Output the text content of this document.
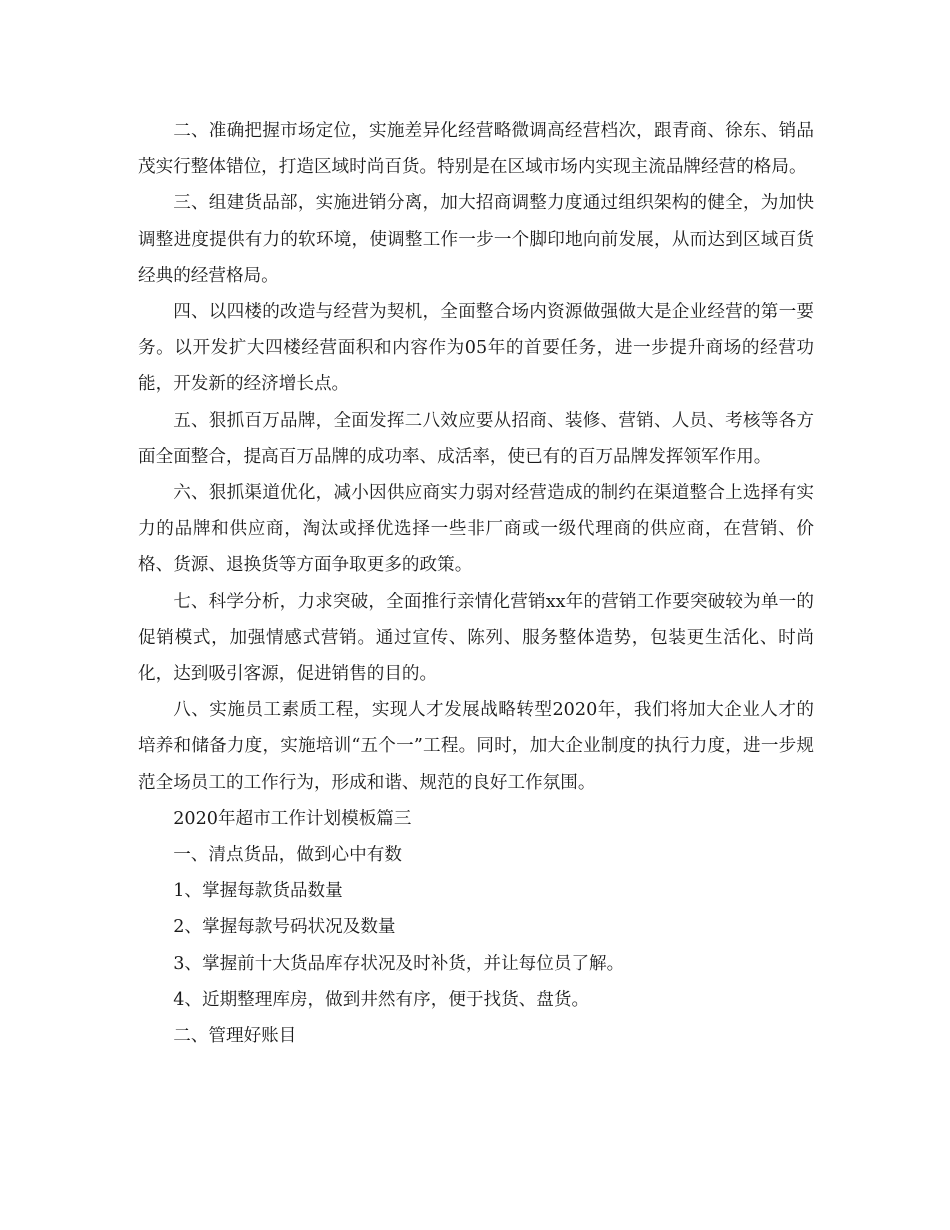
二、准确把握市场定位，实施差异化经营略微调高经营档次，跟青商、徐东、销品茂实行整体错位，打造区域时尚百货。特别是在区域市场内实现主流品牌经营的格局。

三、组建货品部，实施进销分离，加大招商调整力度通过组织架构的健全，为加快调整进度提供有力的软环境，使调整工作一步一个脚印地向前发展，从而达到区域百货经典的经营格局。

四、以四楼的改造与经营为契机，全面整合场内资源做强做大是企业经营的第一要务。以开发扩大四楼经营面积和内容作为05年的首要任务，进一步提升商场的经营功能，开发新的经济增长点。

五、狠抓百万品牌，全面发挥二八效应要从招商、装修、营销、人员、考核等各方面全面整合，提高百万品牌的成功率、成活率，使已有的百万品牌发挥领军作用。

六、狠抓渠道优化，减小因供应商实力弱对经营造成的制约在渠道整合上选择有实力的品牌和供应商，淘汰或择优选择一些非厂商或一级代理商的供应商，在营销、价格、货源、退换货等方面争取更多的政策。

七、科学分析，力求突破，全面推行亲情化营销xx年的营销工作要突破较为单一的促销模式，加强情感式营销。通过宣传、陈列、服务整体造势，包装更生活化、时尚化，达到吸引客源，促进销售的目的。

八、实施员工素质工程，实现人才发展战略转型2020年，我们将加大企业人才的培养和储备力度，实施培训“五个一”工程。同时，加大企业制度的执行力度，进一步规范全场员工的工作行为，形成和谐、规范的良好工作氛围。

2020年超市工作计划模板篇三

一、清点货品，做到心中有数

1、掌握每款货品数量

2、掌握每款号码状况及数量

3、掌握前十大货品库存状况及时补货，并让每位员了解。

4、近期整理库房，做到井然有序，便于找货、盘货。

二、管理好账目
